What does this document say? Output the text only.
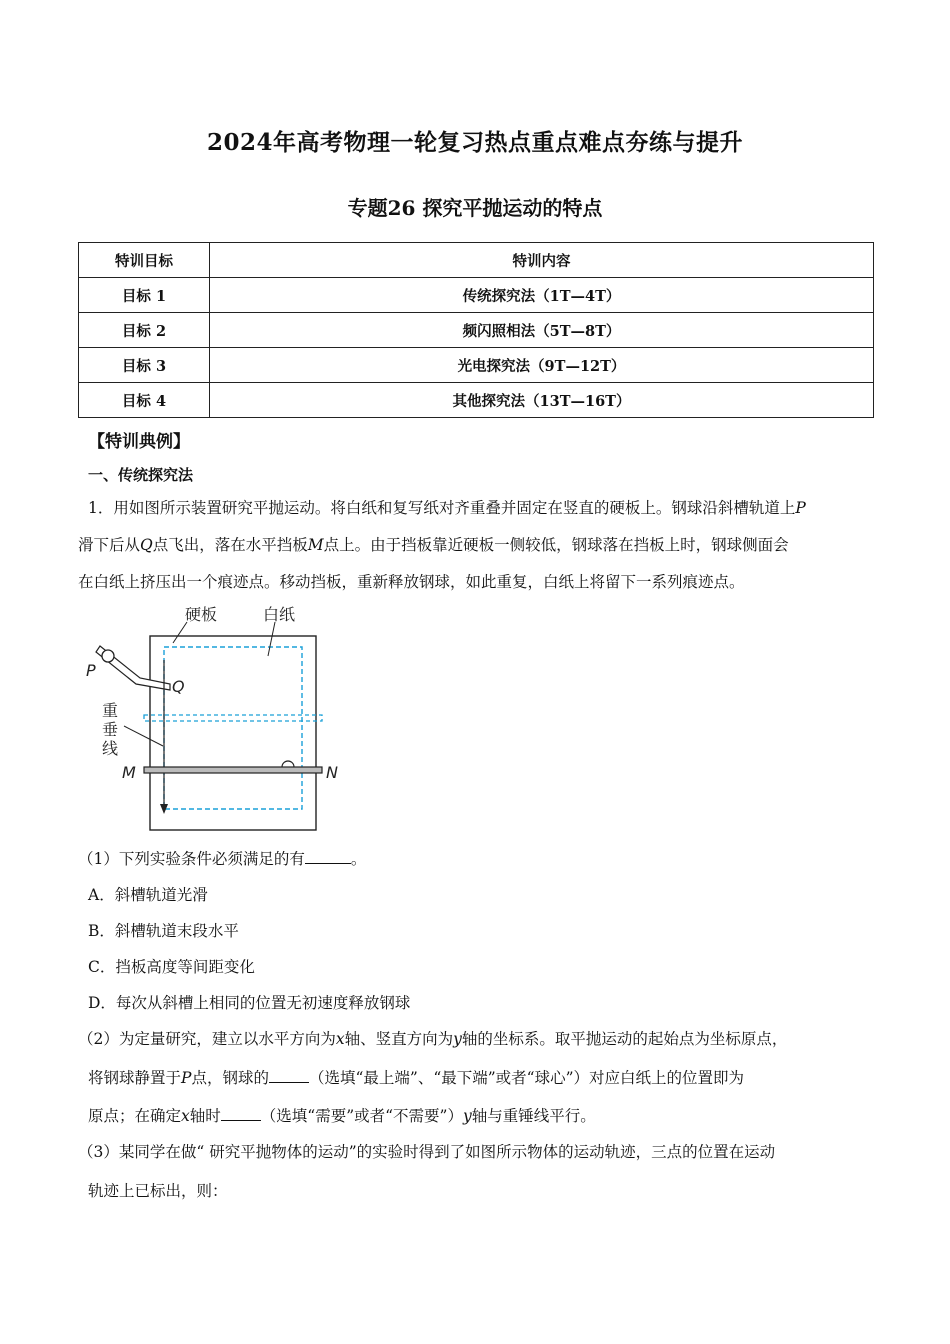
2024年高考物理一轮复习热点重点难点夯练与提升
专题26 探究平抛运动的特点
特训目标	特训内容
目标 1	传统探究法（1T—4T）
目标 2	频闪照相法（5T—8T）
目标 3	光电探究法（9T—12T）
目标 4	其他探究法（13T—16T）
【特训典例】
一、传统探究法
1．用如图所示装置研究平抛运动。将白纸和复写纸对齐重叠并固定在竖直的硬板上。钢球沿斜槽轨道上P
滑下后从Q点飞出，落在水平挡板M点上。由于挡板靠近硬板一侧较低，钢球落在挡板上时，钢球侧面会
在白纸上挤压出一个痕迹点。移动挡板，重新释放钢球，如此重复，白纸上将留下一系列痕迹点。
硬板	白纸
P
Q
重
垂
线
M	N
（1）下列实验条件必须满足的有	。
A．斜槽轨道光滑
B．斜槽轨道末段水平
C．挡板高度等间距变化
D．每次从斜槽上相同的位置无初速度释放钢球
（2）为定量研究，建立以水平方向为x轴、竖直方向为y轴的坐标系。取平抛运动的起始点为坐标原点，
将钢球静置于P点，钢球的	（选填“最上端”、“最下端”或者“球心”）对应白纸上的位置即为
原点；在确定x轴时	（选填“需要”或者“不需要”）y轴与重锤线平行。
（3）某同学在做“ 研究平抛物体的运动”的实验时得到了如图所示物体的运动轨迹，三点的位置在运动
轨迹上已标出，则：
